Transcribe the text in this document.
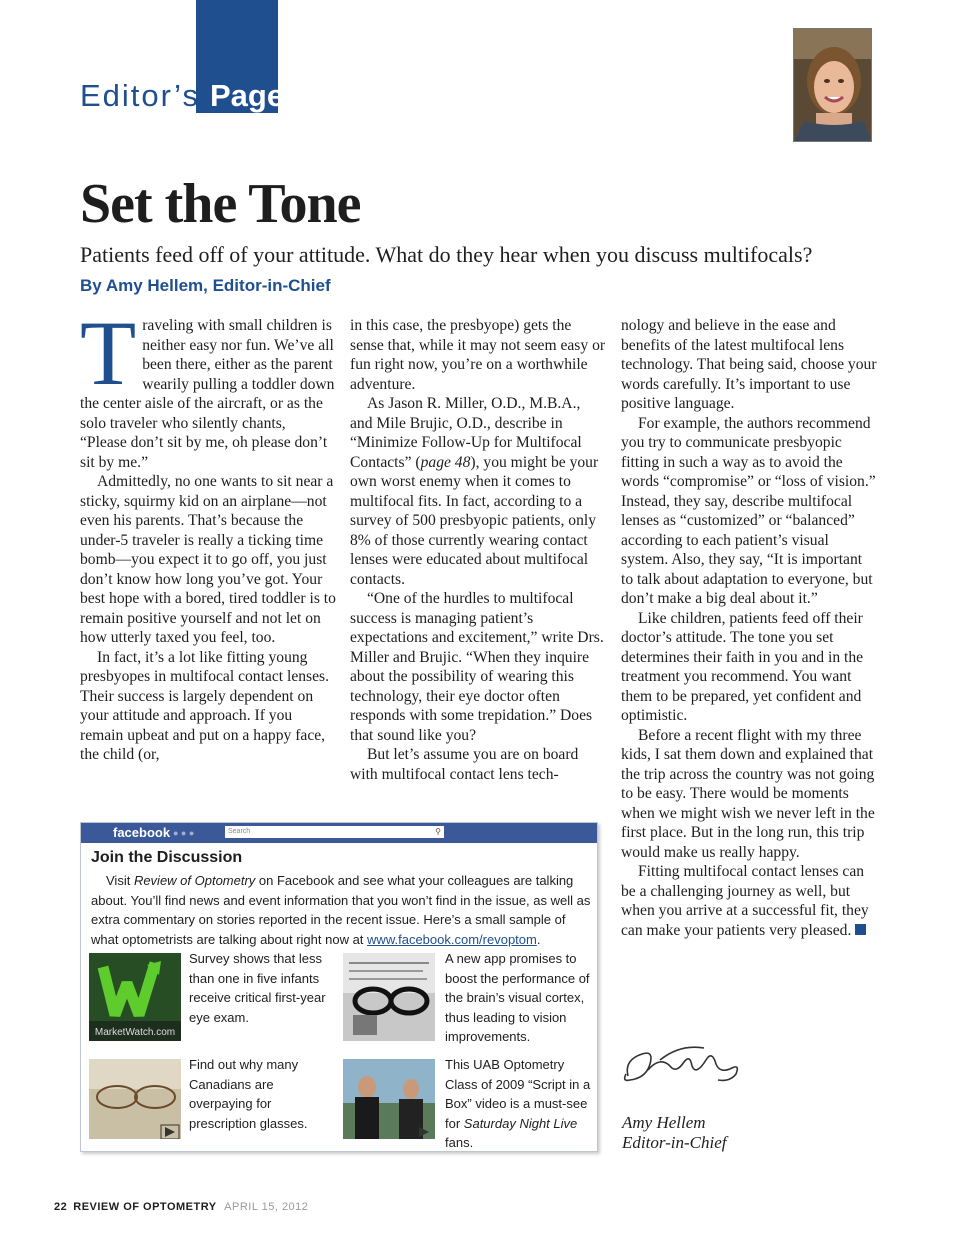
Editor’s Page
Set the Tone
Patients feed off of your attitude. What do they hear when you discuss multifocals?
By Amy Hellem, Editor-in-Chief

Traveling with small children is neither easy nor fun. We’ve all been there, either as the parent wearily pulling a toddler down the center aisle of the aircraft, or as the solo traveler who silently chants, “Please don’t sit by me, oh please don’t sit by me.”

Admittedly, no one wants to sit near a sticky, squirmy kid on an airplane—not even his parents. That’s because the under-5 traveler is really a ticking time bomb—you expect it to go off, you just don’t know how long you’ve got. Your best hope with a bored, tired toddler is to remain positive yourself and not let on how utterly taxed you feel, too.

In fact, it’s a lot like fitting young presbyopes in multifocal contact lenses. Their success is largely dependent on your attitude and approach. If you remain upbeat and put on a happy face, the child (or,

in this case, the presbyope) gets the sense that, while it may not seem easy or fun right now, you’re on a worthwhile adventure.

As Jason R. Miller, O.D., M.B.A., and Mile Brujic, O.D., describe in “Minimize Follow-Up for Multifocal Contacts” (page 48), you might be your own worst enemy when it comes to multifocal fits. In fact, according to a survey of 500 presbyopic patients, only 8% of those currently wearing contact lenses were educated about multifocal contacts.

“One of the hurdles to multifocal success is managing patient’s expectations and excitement,” write Drs. Miller and Brujic. “When they inquire about the possibility of wearing this technology, their eye doctor often responds with some trepidation.” Does that sound like you?

But let’s assume you are on board with multifocal contact lens tech-

nology and believe in the ease and benefits of the latest multifocal lens technology. That being said, choose your words carefully. It’s important to use positive language.

For example, the authors recommend you try to communicate presbyopic fitting in such a way as to avoid the words “compromise” or “loss of vision.” Instead, they say, describe multifocal lenses as “customized” or “balanced” according to each patient’s visual system. Also, they say, “It is important to talk about adaptation to everyone, but don’t make a big deal about it.”

Like children, patients feed off their doctor’s attitude. The tone you set determines their faith in you and in the treatment you recommend. You want them to be prepared, yet confident and optimistic.

Before a recent flight with my three kids, I sat them down and explained that the trip across the country was not going to be easy. There would be moments when we might wish we never left in the first place. But in the long run, this trip would make us really happy.

Fitting multifocal contact lenses can be a challenging journey as well, but when you arrive at a successful fit, they can make your patients very pleased.

facebook ● ● ●	Search	⚲
Join the Discussion
Visit Review of Optometry on Facebook and see what your colleagues are talking about. You’ll find news and event information that you won’t find in the issue, as well as extra commentary on stories reported in the recent issue. Here’s a small sample of what optometrists are talking about right now at www.facebook.com/revoptom.
MarketWatch.com
Survey shows that less than one in five infants receive critical first-year eye exam.
A new app promises to boost the performance of the brain’s visual cortex, thus leading to vision improvements.
Find out why many Canadians are overpaying for prescription glasses.
This UAB Optometry Class of 2009 “Script in a Box” video is a must-see for Saturday Night Live fans.
Amy Hellem
Editor-in-Chief
22 REVIEW OF OPTOMETRY APRIL 15, 2012
